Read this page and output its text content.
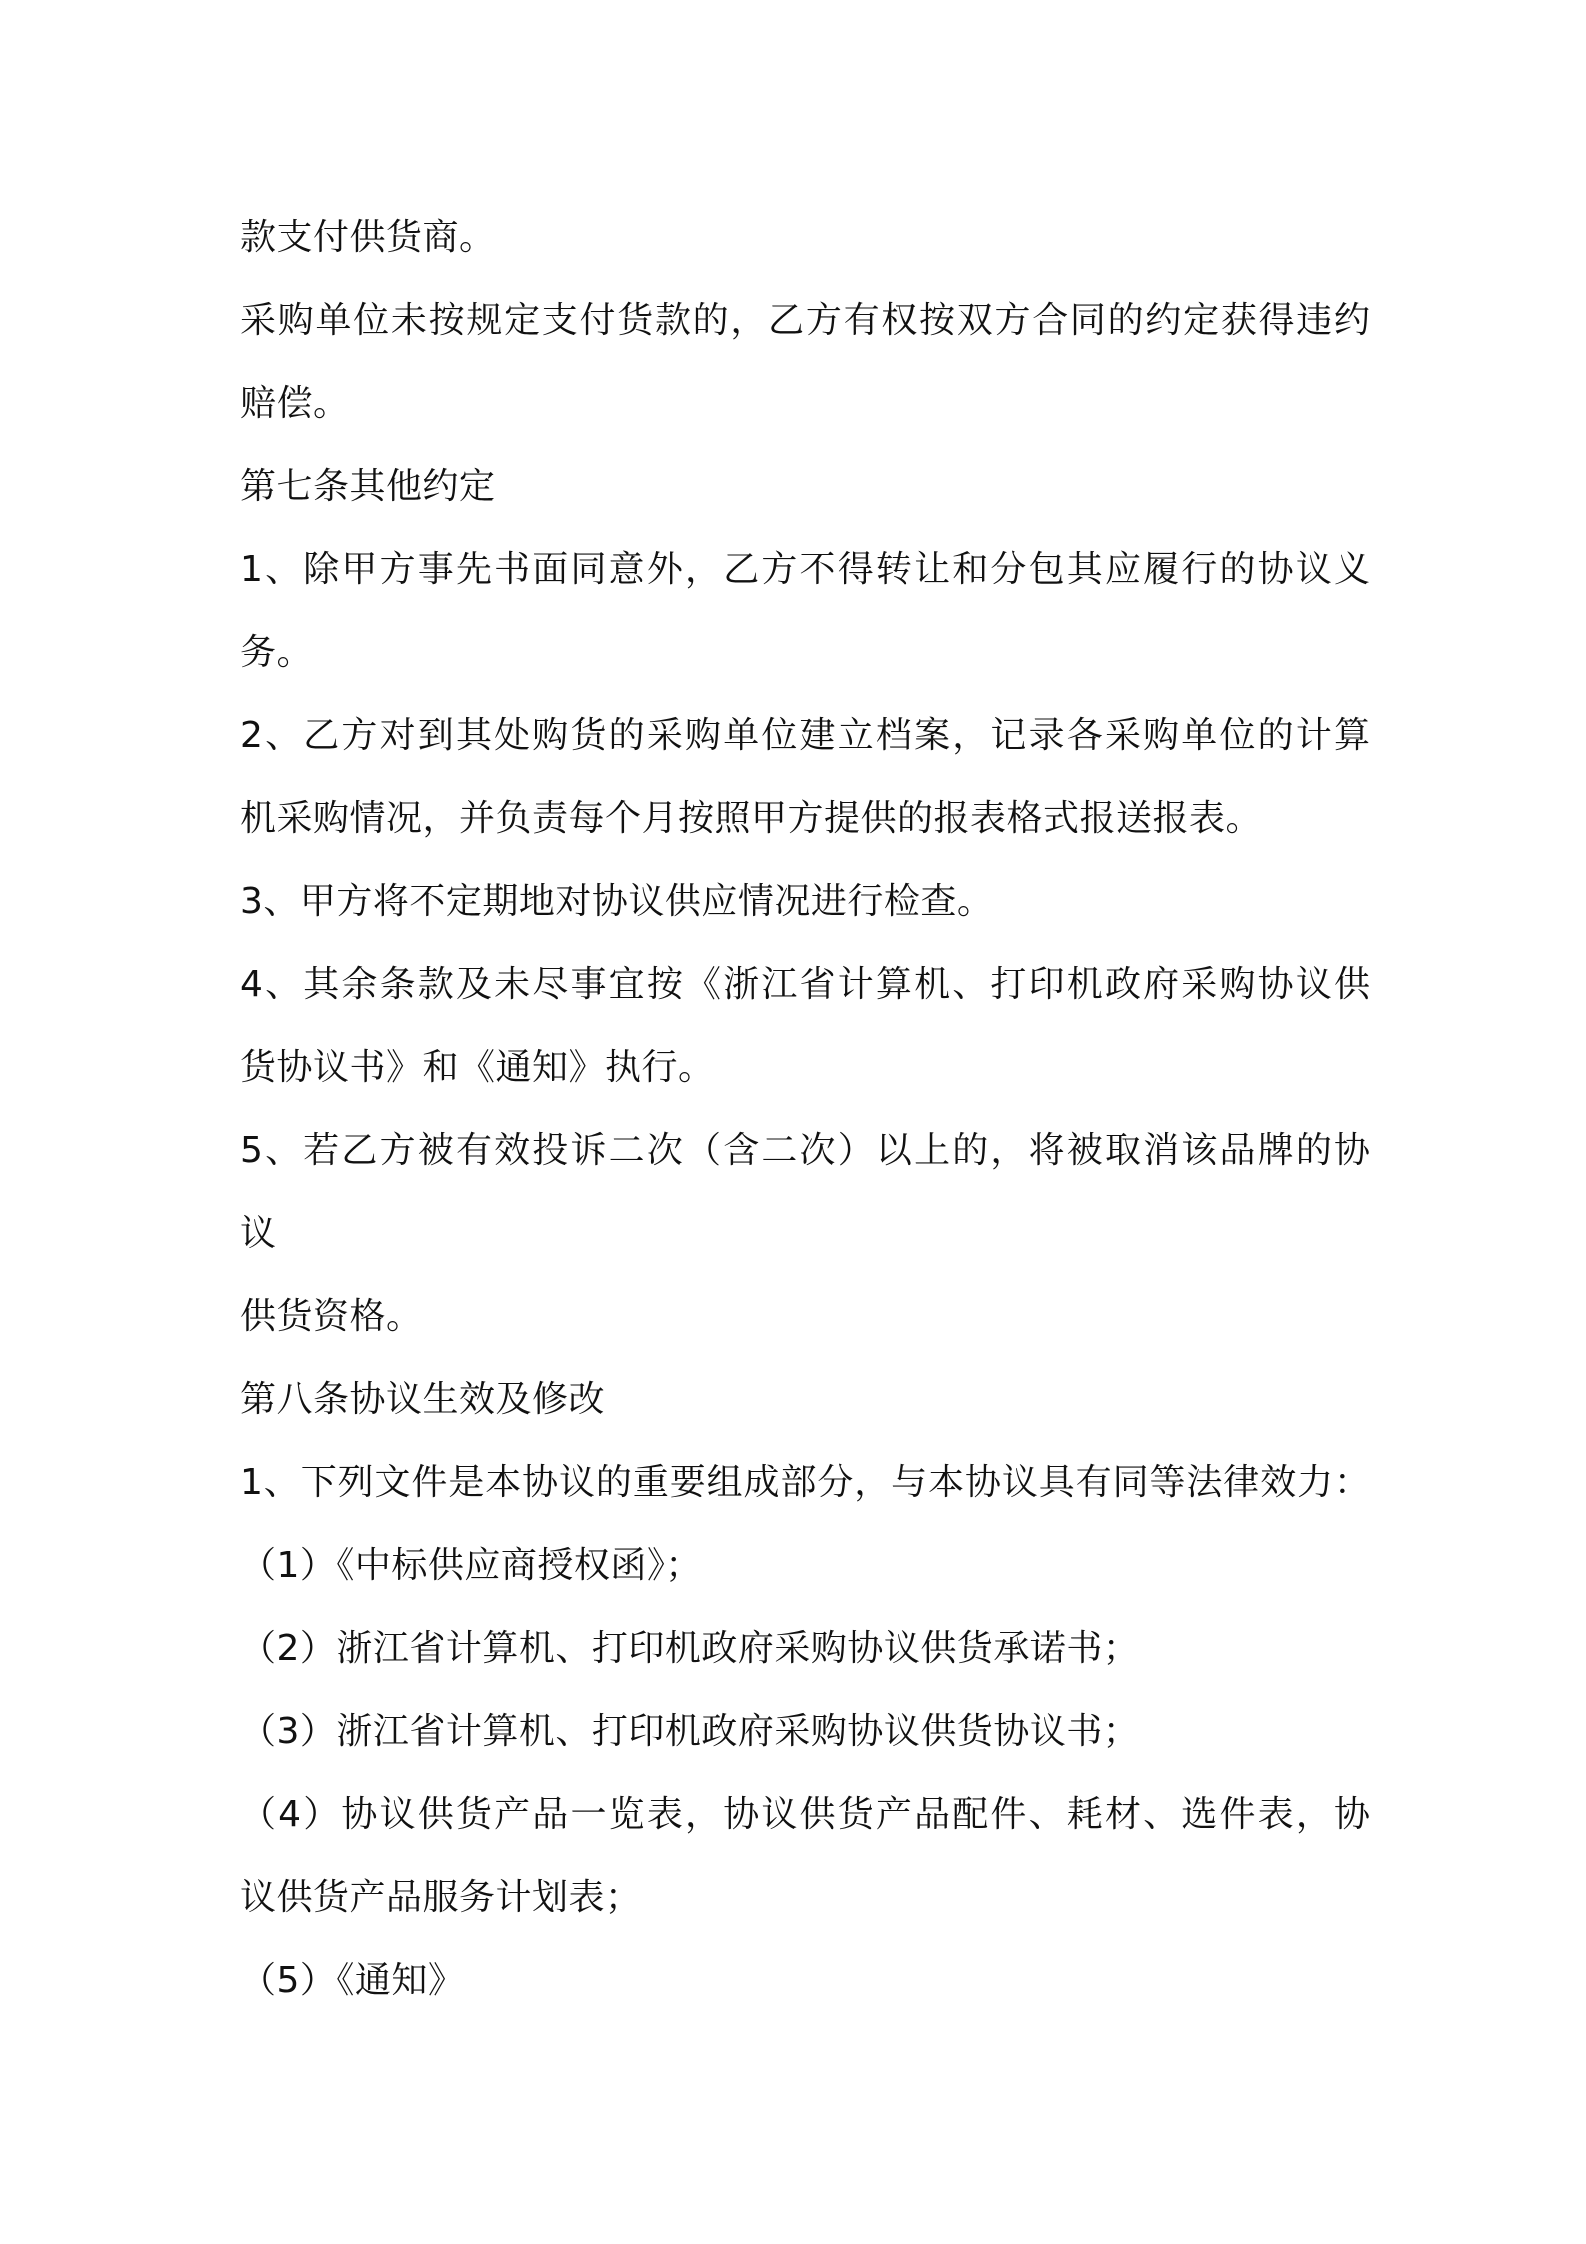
款支付供货商。

采购单位未按规定支付货款的，乙方有权按双方合同的约定获得违约

赔偿。

第七条其他约定

1、除甲方事先书面同意外，乙方不得转让和分包其应履行的协议义

务。

2、乙方对到其处购货的采购单位建立档案，记录各采购单位的计算

机采购情况，并负责每个月按照甲方提供的报表格式报送报表。

3、甲方将不定期地对协议供应情况进行检查。

4、其余条款及未尽事宜按《浙江省计算机、打印机政府采购协议供

货协议书》和《通知》执行。

5、若乙方被有效投诉二次（含二次）以上的，将被取消该品牌的协

议

供货资格。

第八条协议生效及修改

1、下列文件是本协议的重要组成部分，与本协议具有同等法律效力：

（1）《中标供应商授权函》；

（2）浙江省计算机、打印机政府采购协议供货承诺书；

（3）浙江省计算机、打印机政府采购协议供货协议书；

（4）协议供货产品一览表，协议供货产品配件、耗材、选件表，协

议供货产品服务计划表；

（5）《通知》
